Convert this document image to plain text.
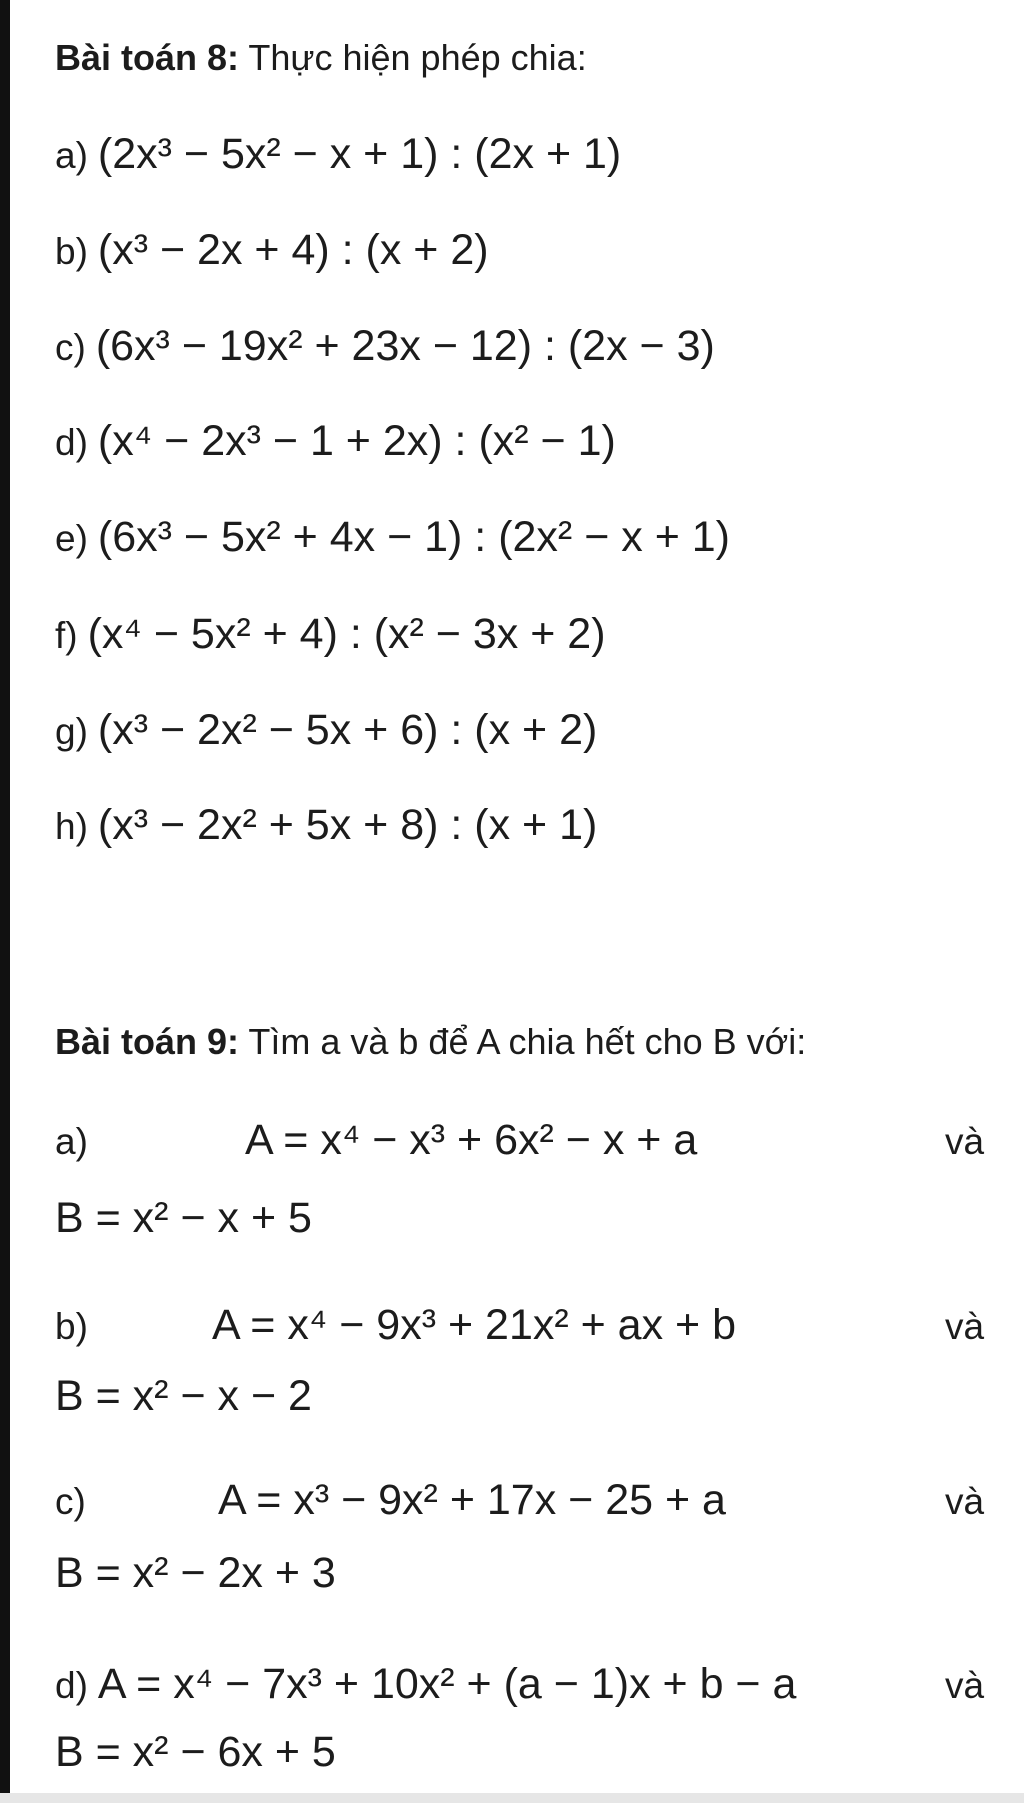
Bài toán 8: Thực hiện phép chia:
a) (2x³ − 5x² − x + 1) : (2x + 1)
b) (x³ − 2x + 4) : (x + 2)
c) (6x³ − 19x² + 23x − 12) : (2x − 3)
d) (x⁴ − 2x³ − 1 + 2x) : (x² − 1)
e) (6x³ − 5x² + 4x − 1) : (2x² − x + 1)
f) (x⁴ − 5x² + 4) : (x² − 3x + 2)
g) (x³ − 2x² − 5x + 6) : (x + 2)
h) (x³ − 2x² + 5x + 8) : (x + 1)
Bài toán 9: Tìm a và b để A chia hết cho B với:
a)	A = x⁴ − x³ + 6x² − x + a	và
B = x² − x + 5
b)	A = x⁴ − 9x³ + 21x² + ax + b	và
B = x² − x − 2
c)	A = x³ − 9x² + 17x − 25 + a	và
B = x² − 2x + 3
d) A = x⁴ − 7x³ + 10x² + (a − 1)x + b − a	và
B = x² − 6x + 5
